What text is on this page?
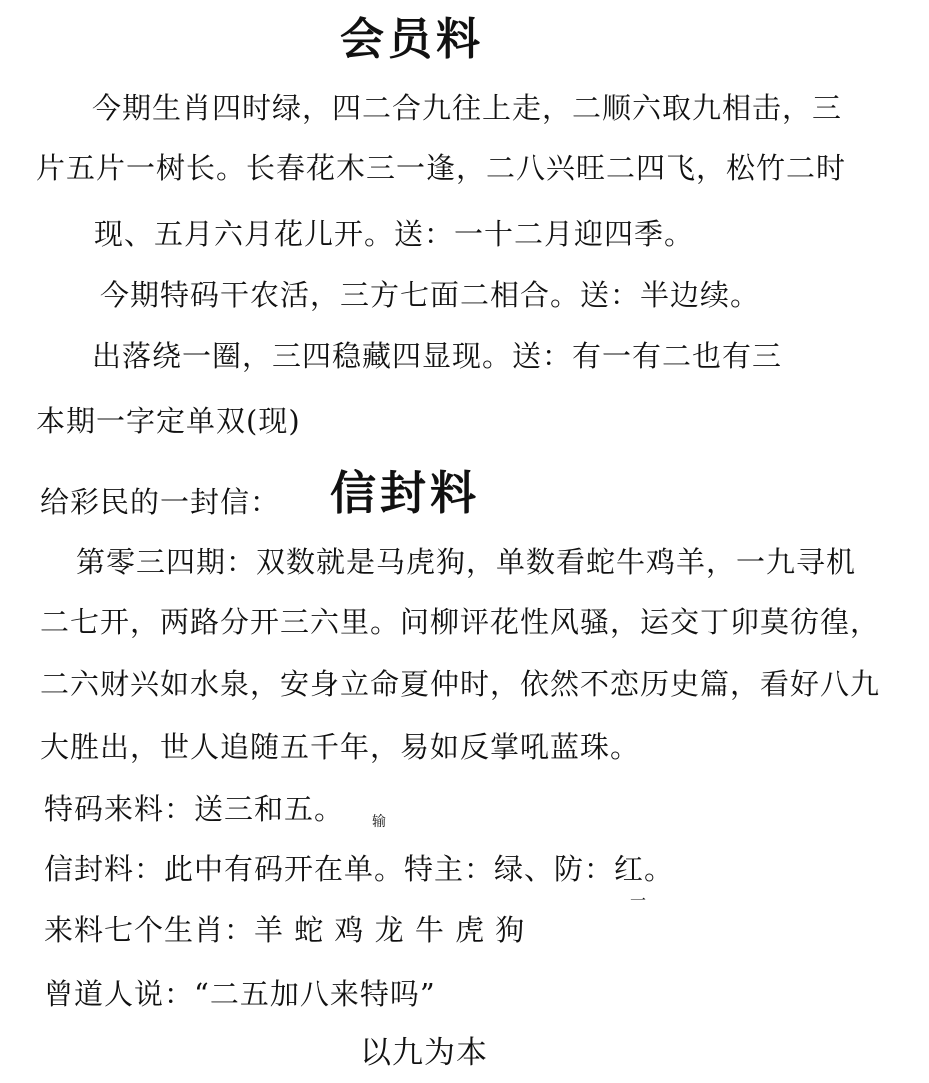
会员料
今期生肖四时绿，四二合九往上走，二顺六取九相击，三
片五片一树长。长春花木三一逢，二八兴旺二四飞，松竹二时
现、五月六月花儿开。送：一十二月迎四季。
今期特码干农活，三方七面二相合。送：半边续。
出落绕一圈，三四稳藏四显现。送：有一有二也有三
本期一字定单双(现)
给彩民的一封信： 信封料
第零三四期：双数就是马虎狗，单数看蛇牛鸡羊，一九寻机
二七开，两路分开三六里。问柳评花性风骚，运交丁卯莫彷徨，
二六财兴如水泉，安身立命夏仲时，依然不恋历史篇，看好八九
大胜出，世人追随五千年，易如反掌吼蓝珠。
特码来料：送三和五。 输
信封料：此中有码开在单。特主：绿、防：红。
一
来料七个生肖：羊 蛇 鸡 龙 牛 虎 狗
曾道人说：“二五加八来特吗”
以九为本
